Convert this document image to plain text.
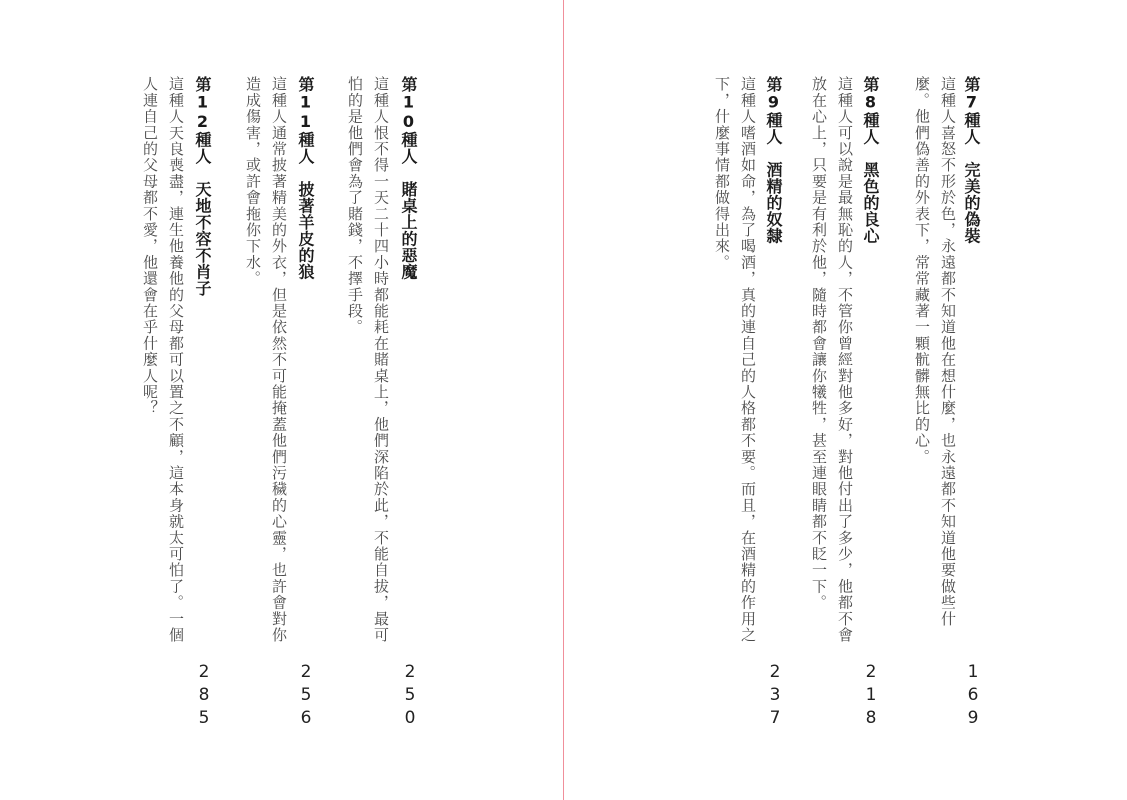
第7種人　完美的偽裝
這種人喜怒不形於色，永遠都不知道他在想什麼，也永遠都不知道他要做些什
麼。他們偽善的外表下，常常藏著一顆骯髒無比的心。
169
第8種人　黑色的良心
這種人可以說是最無恥的人，不管你曾經對他多好，對他付出了多少，他都不會
放在心上，只要是有利於他，隨時都會讓你犧牲，甚至連眼睛都不眨一下。
218
第9種人　酒精的奴隸
這種人嗜酒如命，為了喝酒，真的連自己的人格都不要。而且，在酒精的作用之
下，什麼事情都做得出來。
237
第10種人　賭桌上的惡魔
這種人恨不得一天二十四小時都能耗在賭桌上，他們深陷於此，不能自拔，最可
怕的是他們會為了賭錢，不擇手段。
250
第11種人　披著羊皮的狼
這種人通常披著精美的外衣，但是依然不可能掩蓋他們污穢的心靈，也許會對你
造成傷害，或許會拖你下水。
256
第12種人　天地不容不肖子
這種人天良喪盡，連生他養他的父母都可以置之不顧，這本身就太可怕了。一個
人連自己的父母都不愛，他還會在乎什麼人呢？
285
